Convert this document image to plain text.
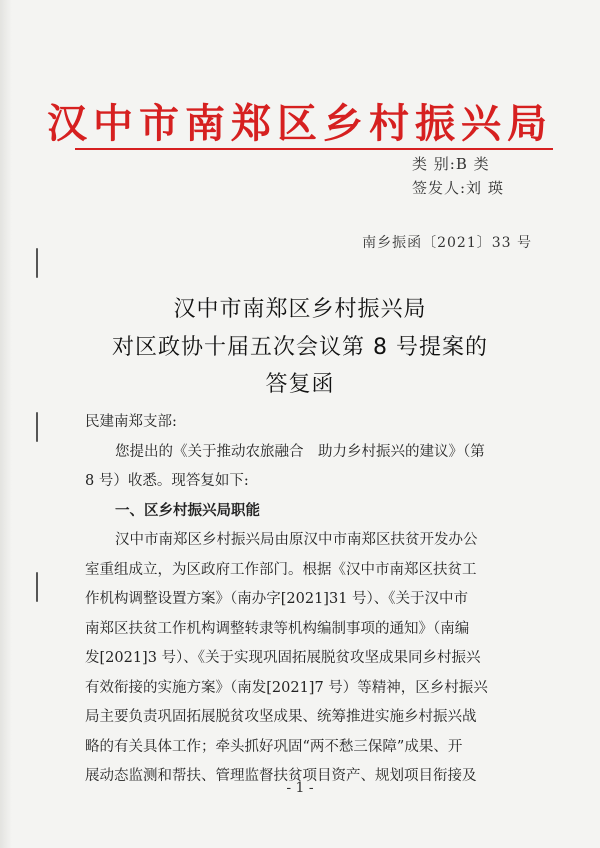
汉中市南郑区乡村振兴局
类 别:B 类
签发人:刘 瑛
南乡振函〔2021〕33 号
汉中市南郑区乡村振兴局
对区政协十届五次会议第 8 号提案的
答复函

民建南郑支部:

您提出的《关于推动农旅融合　助力乡村振兴的建议》（第

8 号）收悉。现答复如下:

一、区乡村振兴局职能

汉中市南郑区乡村振兴局由原汉中市南郑区扶贫开发办公

室重组成立，为区政府工作部门。根据《汉中市南郑区扶贫工

作机构调整设置方案》（南办字[2021]31 号）、《关于汉中市

南郑区扶贫工作机构调整转隶等机构编制事项的通知》（南编

发[2021]3 号）、《关于实现巩固拓展脱贫攻坚成果同乡村振兴

有效衔接的实施方案》（南发[2021]7 号）等精神，区乡村振兴

局主要负责巩固拓展脱贫攻坚成果、统筹推进实施乡村振兴战

略的有关具体工作；牵头抓好巩固“两不愁三保障”成果、开

展动态监测和帮扶、管理监督扶贫项目资产、规划项目衔接及

- 1 -
